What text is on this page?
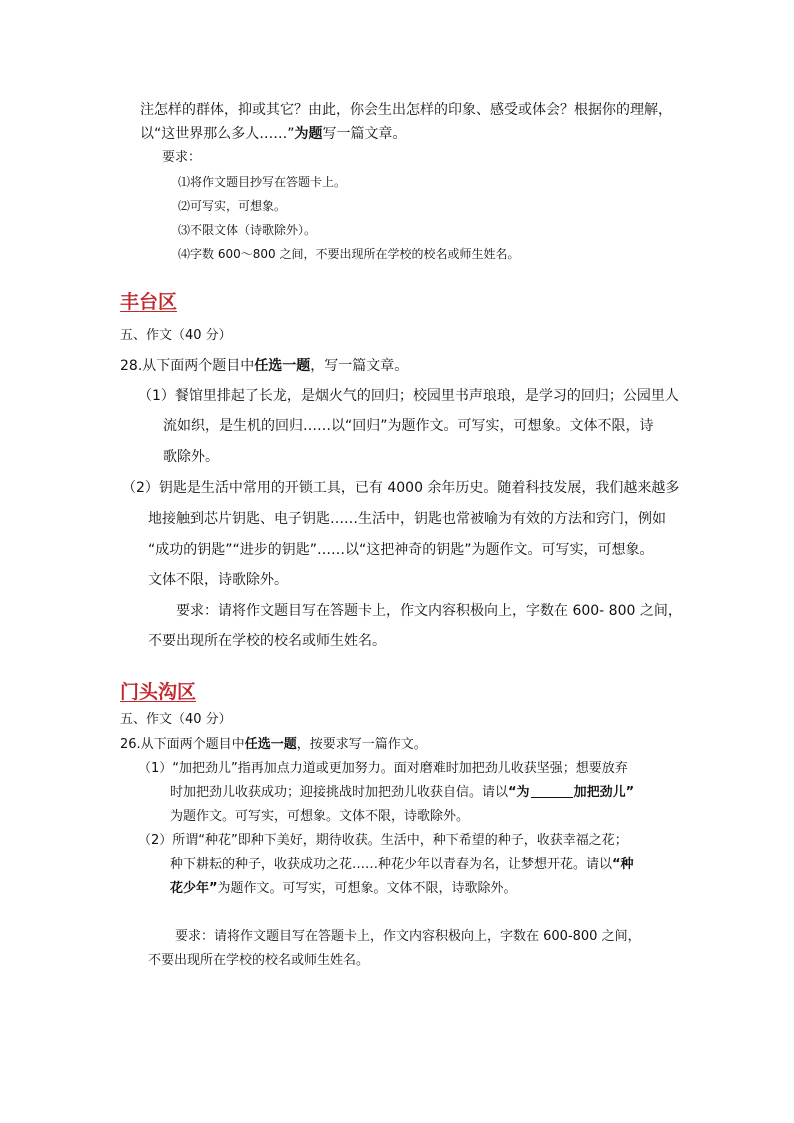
注怎样的群体，抑或其它？由此，你会生出怎样的印象、感受或体会？根据你的理解，
以“这世界那么多人……”为题写一篇文章。
要求：
⑴将作文题目抄写在答题卡上。
⑵可写实，可想象。
⑶不限文体（诗歌除外）。
⑷字数 600～800 之间，不要出现所在学校的校名或师生姓名。
丰台区
五、作文（40 分）
28.从下面两个题目中任选一题，写一篇文章。
（1）餐馆里排起了长龙，是烟火气的回归；校园里书声琅琅，是学习的回归；公园里人
流如织，是生机的回归……以“回归”为题作文。可写实，可想象。文体不限，诗
歌除外。
（2）钥匙是生活中常用的开锁工具，已有 4000 余年历史。随着科技发展，我们越来越多
地接触到芯片钥匙、电子钥匙……生活中，钥匙也常被喻为有效的方法和窍门，例如
“成功的钥匙”“进步的钥匙”……以“这把神奇的钥匙”为题作文。可写实，可想象。
文体不限，诗歌除外。
要求：请将作文题目写在答题卡上，作文内容积极向上，字数在 600- 800 之间，
不要出现所在学校的校名或师生姓名。
门头沟区
五、作文（40 分）
26.从下面两个题目中任选一题，按要求写一篇作文。
（1）“加把劲儿”指再加点力道或更加努力。面对磨难时加把劲儿收获坚强；想要放弃
时加把劲儿收获成功；迎接挑战时加把劲儿收获自信。请以“为	加把劲儿”
为题作文。可写实，可想象。文体不限，诗歌除外。
（2）所谓“种花”即种下美好，期待收获。生活中，种下希望的种子，收获幸福之花；
种下耕耘的种子，收获成功之花……种花少年以青春为名，让梦想开花。请以“种
花少年”为题作文。可写实，可想象。文体不限，诗歌除外。
要求：请将作文题目写在答题卡上，作文内容积极向上，字数在 600-800 之间，
不要出现所在学校的校名或师生姓名。
